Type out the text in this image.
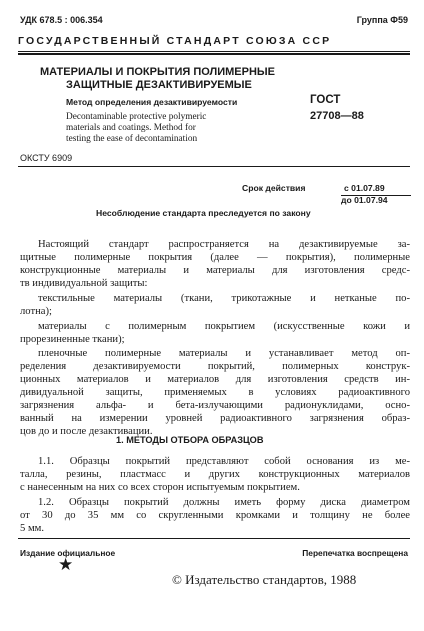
УДК 678.5 : 006.354	Группа Ф59
ГОСУДАРСТВЕННЫЙ СТАНДАРТ СОЮЗА ССР
МАТЕРИАЛЫ И ПОКРЫТИЯ ПОЛИМЕРНЫЕ
ЗАЩИТНЫЕ ДЕЗАКТИВИРУЕМЫЕ
Метод определения дезактивируемости
Decontaminable protective polymeric
materials and coatings. Method for
testing the ease of decontamination
ГОСТ
27708—88
ОКСТУ 6909
Срок действия	с 01.07.89
до 01.07.94
Несоблюдение стандарта преследуется по закону
Настоящий стандарт распространяется на дезактивируемые за-
щитные полимерные покрытия (далее — покрытия), полимерные
конструкционные материалы и материалы для изготовления средс-
тв индивидуальной защиты:
текстильные материалы (ткани, трикотажные и нетканые по-
лотна);
материалы с полимерным покрытием (искусственные кожи и
прорезиненные ткани);
пленочные полимерные материалы и устанавливает метод оп-
ределения дезактивируемости покрытий, полимерных конструк-
ционных материалов и материалов для изготовления средств ин-
дивидуальной защиты, применяемых в условиях радиоактивного
загрязнения альфа- и бета-излучающими радионуклидами, осно-
ванный на измерении уровней радиоактивного загрязнения образ-
цов до и после дезактивации.
1. МЕТОДЫ ОТБОРА ОБРАЗЦОВ
1.1. Образцы покрытий представляют собой основания из ме-
талла, резины, пластмасс и других конструкционных материалов
с нанесенным на них со всех сторон испытуемым покрытием.
1.2. Образцы покрытий должны иметь форму диска диаметром
от 30 до 35 мм со скругленными кромками и толщину не более
5 мм.
Издание официальное	Перепечатка воспрещена
★
© Издательство стандартов, 1988
